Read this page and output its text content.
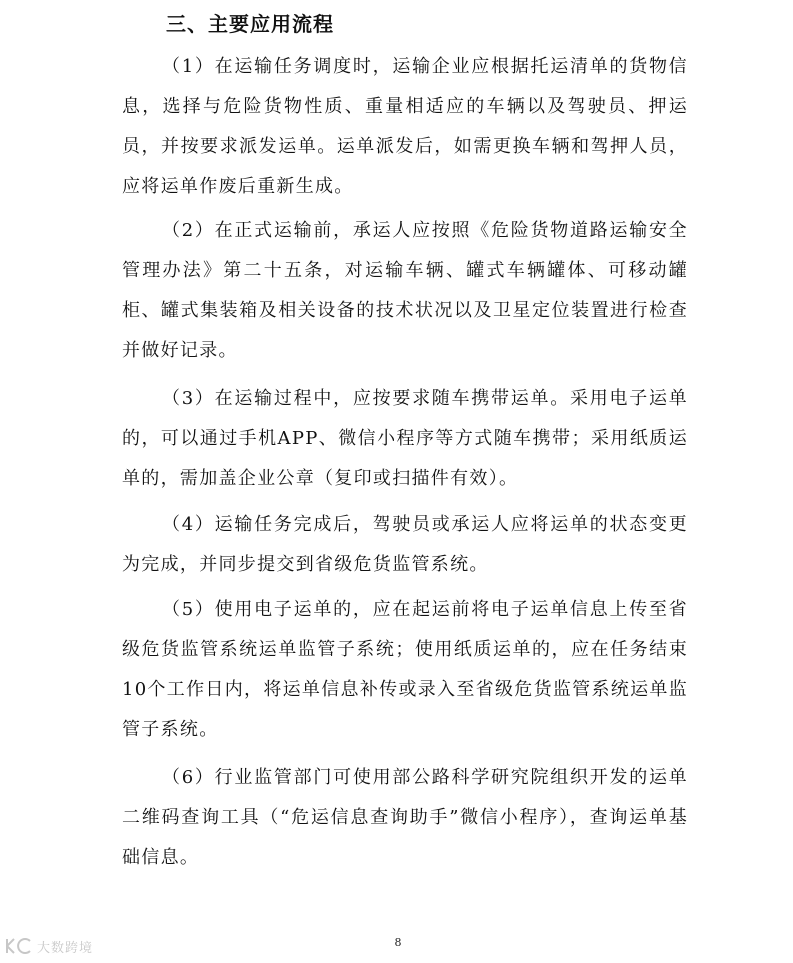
三、主要应用流程

（1）在运输任务调度时，运输企业应根据托运清单的货物信息，选择与危险货物性质、重量相适应的车辆以及驾驶员、押运员，并按要求派发运单。运单派发后，如需更换车辆和驾押人员，应将运单作废后重新生成。

（2）在正式运输前，承运人应按照《危险货物道路运输安全管理办法》第二十五条，对运输车辆、罐式车辆罐体、可移动罐柜、罐式集装箱及相关设备的技术状况以及卫星定位装置进行检查并做好记录。

（3）在运输过程中，应按要求随车携带运单。采用电子运单的，可以通过手机APP、微信小程序等方式随车携带；采用纸质运单的，需加盖企业公章（复印或扫描件有效）。

（4）运输任务完成后，驾驶员或承运人应将运单的状态变更为完成，并同步提交到省级危货监管系统。

（5）使用电子运单的，应在起运前将电子运单信息上传至省级危货监管系统运单监管子系统；使用纸质运单的，应在任务结束10个工作日内，将运单信息补传或录入至省级危货监管系统运单监管子系统。

（6）行业监管部门可使用部公路科学研究院组织开发的运单二维码查询工具（“危运信息查询助手”微信小程序），查询运单基础信息。

8
大数跨境
